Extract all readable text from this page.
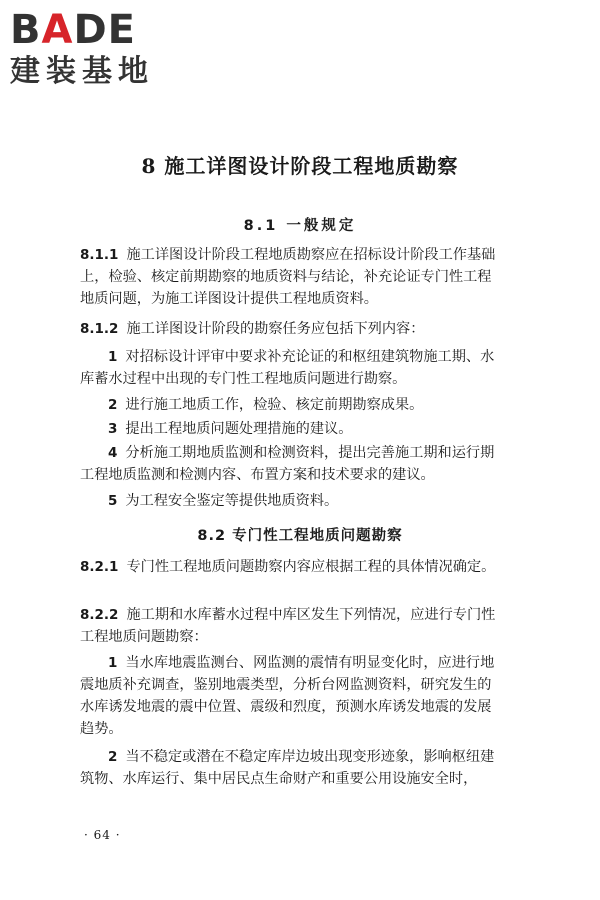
BADE
建装基地
8 施工详图设计阶段工程地质勘察
8.1 一般规定
8.1.1 施工详图设计阶段工程地质勘察应在招标设计阶段工作基础上，检验、核定前期勘察的地质资料与结论，补充论证专门性工程地质问题，为施工详图设计提供工程地质资料。
8.1.2 施工详图设计阶段的勘察任务应包括下列内容：
1 对招标设计评审中要求补充论证的和枢纽建筑物施工期、水库蓄水过程中出现的专门性工程地质问题进行勘察。
2 进行施工地质工作，检验、核定前期勘察成果。
3 提出工程地质问题处理措施的建议。
4 分析施工期地质监测和检测资料，提出完善施工期和运行期工程地质监测和检测内容、布置方案和技术要求的建议。
5 为工程安全鉴定等提供地质资料。
8.2 专门性工程地质问题勘察
8.2.1 专门性工程地质问题勘察内容应根据工程的具体情况确定。
8.2.2 施工期和水库蓄水过程中库区发生下列情况，应进行专门性工程地质问题勘察：
1 当水库地震监测台、网监测的震情有明显变化时，应进行地震地质补充调查，鉴别地震类型，分析台网监测资料，研究发生的水库诱发地震的震中位置、震级和烈度，预测水库诱发地震的发展趋势。
2 当不稳定或潜在不稳定库岸边坡出现变形迹象，影响枢纽建筑物、水库运行、集中居民点生命财产和重要公用设施安全时，
· 64 ·
